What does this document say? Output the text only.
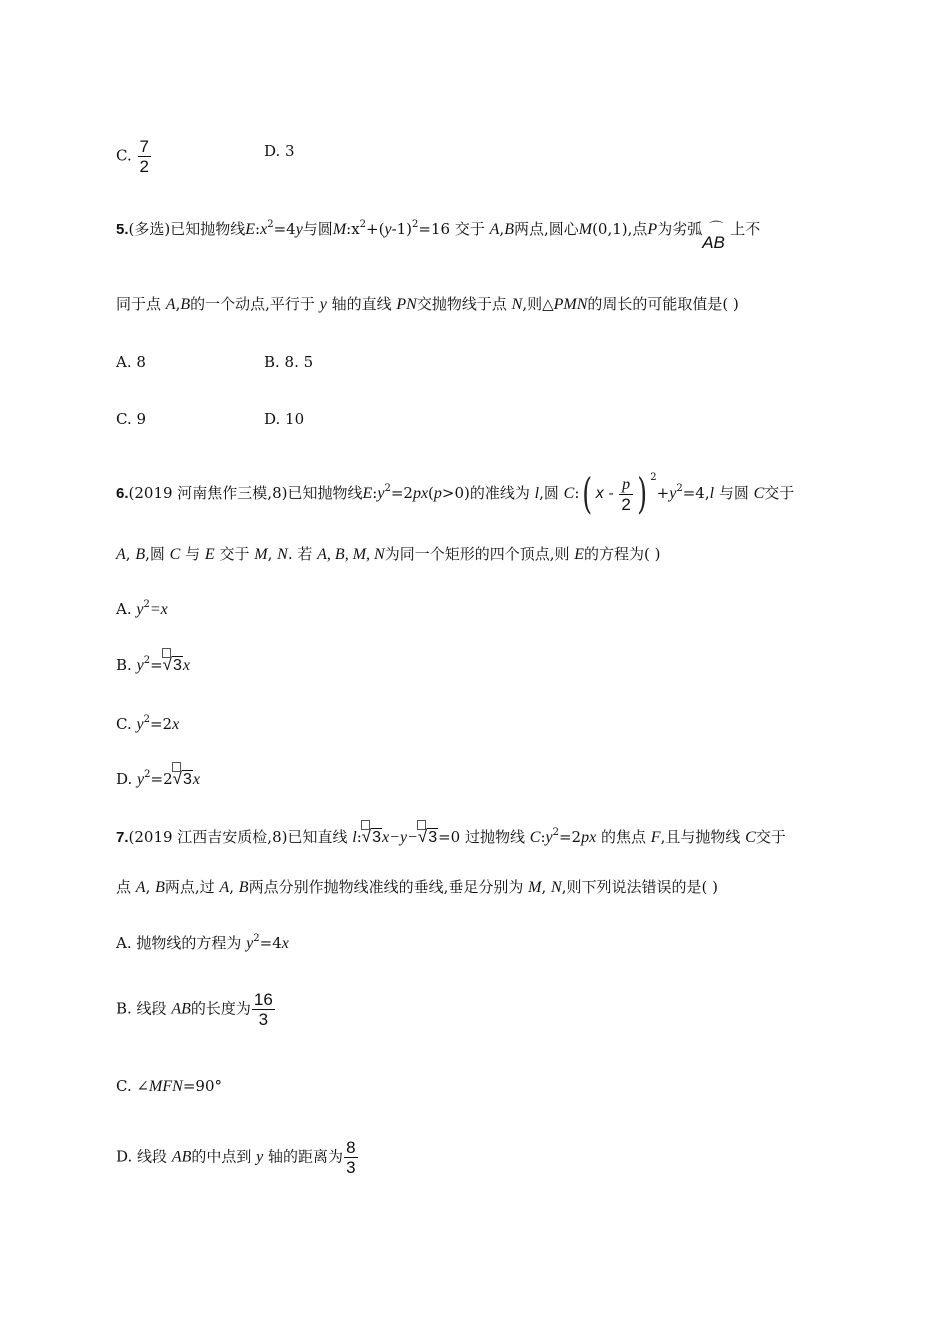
C. $\frac{7}{2}$	D. 3
5.(多选)已知抛物线$E:x^2=4y$与圆$M:x^2+(y-1)^2=16$ 交于 A,B两点,圆心M(0,1),点P为劣弧 ⌒
AB
上不
同于点 A,B的一个动点,平行于 y 轴的直线 PN交抛物线于点 N,则△PMN的周长的可能取值是( )
A. 8	B. 8. 5
C. 9	D. 10
6.(2019 河南焦作三模,8)已知抛物线$E:y^2=2px(p>0)$的准线为 l,圆 C:( x - $\frac{p}{2}$ ) $^2+y^2=4,l$ 与圆 C交于
A, B,圆 C 与 E 交于 M, N. 若 A, B, M, N为同一个矩形的四个顶点,则 E的方程为( )
A. $y^2=x$
B. $y^2=$
√3x
C. $y^2=2x$
D. $y^2=2$
√3x
7.(2019 江西吉安质检,8)已知直线 l:
√3x−y−
√3=0 过抛物线 $C:y^2=2px$ 的焦点 F,且与抛物线 C交于
点 A, B两点,过 A, B两点分别作抛物线准线的垂线,垂足分别为 M, N,则下列说法错误的是( )
A. 抛物线的方程为 $y^2=4x$
B. 线段 AB的长度为 $\frac{16}{3}$
C. ∠MFN=90°
D. 线段 AB的中点到 y 轴的距离为 $\frac{8}{3}$
